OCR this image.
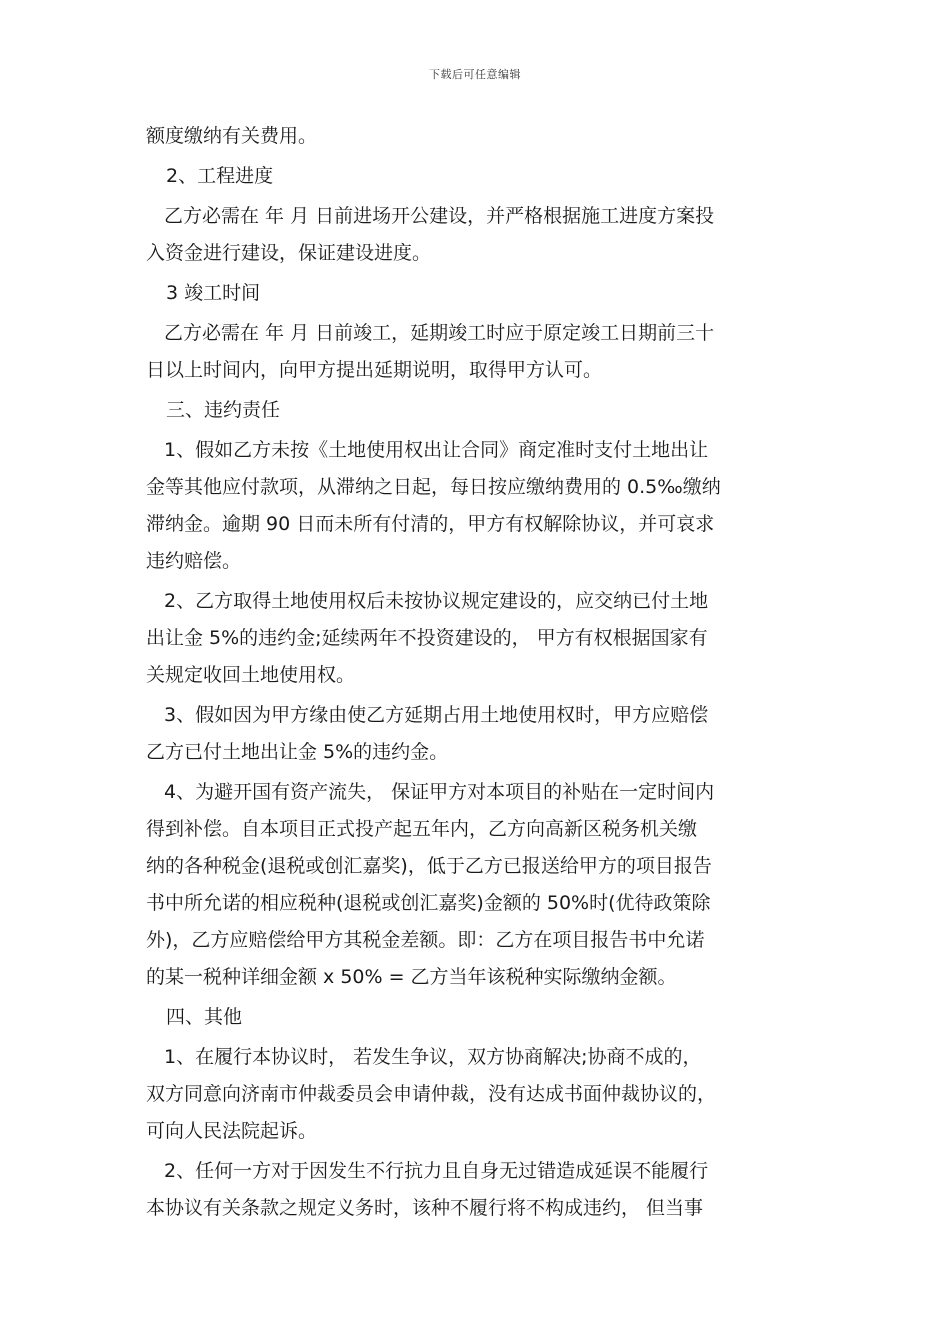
下载后可任意编辑
额度缴纳有关费用。
2、工程进度
乙方必需在 年 月 日前进场开公建设，并严格根据施工进度方案投
入资金进行建设，保证建设进度。
3 竣工时间
乙方必需在 年 月 日前竣工，延期竣工时应于原定竣工日期前三十
日以上时间内，向甲方提出延期说明，取得甲方认可。
三、违约责任
1、假如乙方未按《土地使用权出让合同》商定准时支付土地出让
金等其他应付款项，从滞纳之日起，每日按应缴纳费用的 0.5‰缴纳
滞纳金。逾期 90 日而未所有付清的，甲方有权解除协议，并可哀求
违约赔偿。
2、乙方取得土地使用权后未按协议规定建设的，应交纳已付土地
出让金 5%的违约金;延续两年不投资建设的， 甲方有权根据国家有
关规定收回土地使用权。
3、假如因为甲方缘由使乙方延期占用土地使用权时，甲方应赔偿
乙方已付土地出让金 5%的违约金。
4、为避开国有资产流失， 保证甲方对本项目的补贴在一定时间内
得到补偿。自本项目正式投产起五年内，乙方向高新区税务机关缴
纳的各种税金(退税或创汇嘉奖)，低于乙方已报送给甲方的项目报告
书中所允诺的相应税种(退税或创汇嘉奖)金额的 50%时(优待政策除
外)，乙方应赔偿给甲方其税金差额。即：乙方在项目报告书中允诺
的某一税种详细金额 x 50% = 乙方当年该税种实际缴纳金额。
四、其他
1、在履行本协议时， 若发生争议，双方协商解决;协商不成的，
双方同意向济南市仲裁委员会申请仲裁，没有达成书面仲裁协议的，
可向人民法院起诉。
2、任何一方对于因发生不行抗力且自身无过错造成延误不能履行
本协议有关条款之规定义务时，该种不履行将不构成违约， 但当事
